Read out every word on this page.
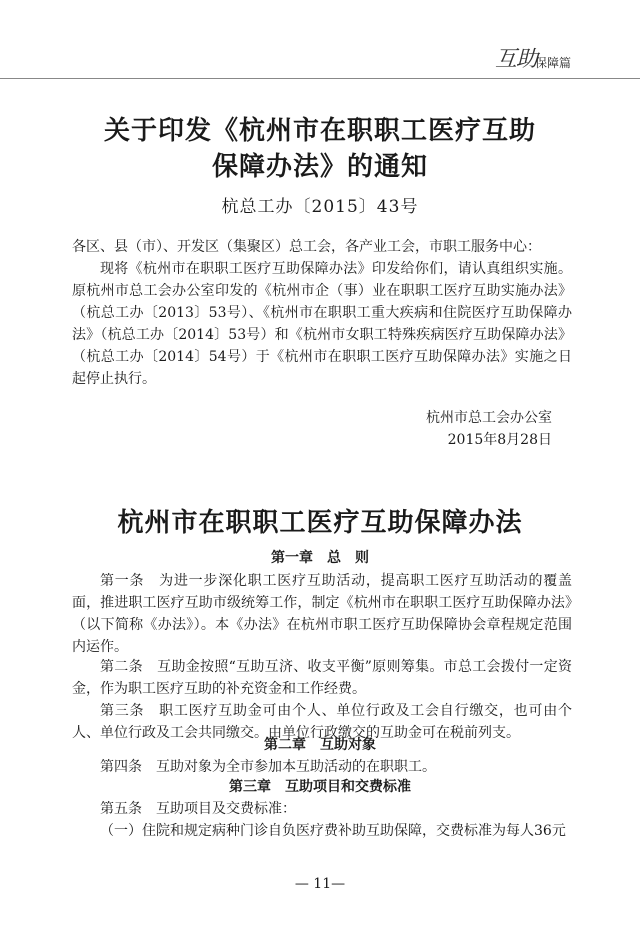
互助
保障篇
关于印发《杭州市在职职工医疗互助
保障办法》的通知
杭总工办〔2015〕43号
各区、县（市）、开发区（集聚区）总工会，各产业工会，市职工服务中心：
现将《杭州市在职职工医疗互助保障办法》印发给你们，请认真组织实施。原杭州市总工会办公室印发的《杭州市企（事）业在职职工医疗互助实施办法》（杭总工办〔2013〕53号）、《杭州市在职职工重大疾病和住院医疗互助保障办法》（杭总工办〔2014〕53号）和《杭州市女职工特殊疾病医疗互助保障办法》（杭总工办〔2014〕54号）于《杭州市在职职工医疗互助保障办法》实施之日起停止执行。
杭州市总工会办公室
2015年8月28日
杭州市在职职工医疗互助保障办法
第一章　总　则
第一条　为进一步深化职工医疗互助活动，提高职工医疗互助活动的覆盖面，推进职工医疗互助市级统筹工作，制定《杭州市在职职工医疗互助保障办法》（以下简称《办法》）。本《办法》在杭州市职工医疗互助保障协会章程规定范围内运作。
第二条　互助金按照“互助互济、收支平衡”原则筹集。市总工会拨付一定资金，作为职工医疗互助的补充资金和工作经费。
第三条　职工医疗互助金可由个人、单位行政及工会自行缴交，也可由个人、单位行政及工会共同缴交。由单位行政缴交的互助金可在税前列支。
第二章　互助对象
第四条　互助对象为全市参加本互助活动的在职职工。
第三章　互助项目和交费标准
第五条　互助项目及交费标准：
（一）住院和规定病种门诊自负医疗费补助互助保障，交费标准为每人36元
— 11—
